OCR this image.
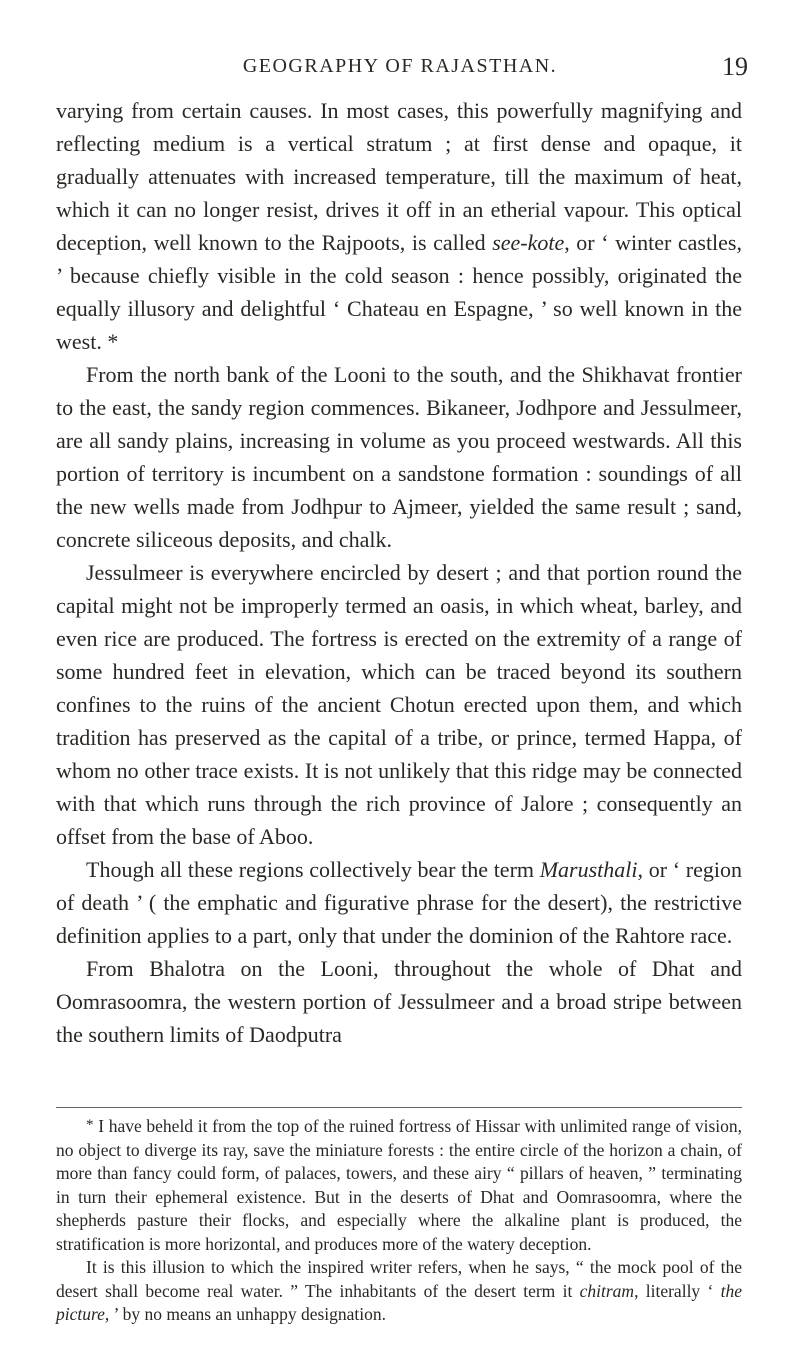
GEOGRAPHY OF RAJASTHAN.	19

varying from certain causes. In most cases, this powerfully magnifying and reflecting medium is a vertical stratum ; at first dense and opaque, it gradually attenuates with increased temperature, till the maximum of heat, which it can no longer resist, drives it off in an etherial vapour. This optical deception, well known to the Rajpoots, is called see-kote, or ‘ winter castles, ’ because chiefly visible in the cold season : hence possibly, originated the equally illusory and delightful ‘ Chateau en Espagne, ’ so well known in the west. *

From the north bank of the Looni to the south, and the Shikhavat frontier to the east, the sandy region commences. Bikaneer, Jodhpore and Jessulmeer, are all sandy plains, increasing in volume as you proceed westwards. All this portion of territory is incumbent on a sandstone formation : soundings of all the new wells made from Jodhpur to Ajmeer, yielded the same result ; sand, concrete siliceous deposits, and chalk.

Jessulmeer is everywhere encircled by desert ; and that portion round the capital might not be improperly termed an oasis, in which wheat, barley, and even rice are produced. The fortress is erected on the extremity of a range of some hundred feet in elevation, which can be traced beyond its southern confines to the ruins of the ancient Chotun erected upon them, and which tradition has preserved as the capital of a tribe, or prince, termed Happa, of whom no other trace exists. It is not unlikely that this ridge may be connected with that which runs through the rich province of Jalore ; consequently an offset from the base of Aboo.

Though all these regions collectively bear the term Marusthali, or ‘ region of death ’ ( the emphatic and figurative phrase for the desert), the restrictive definition applies to a part, only that under the dominion of the Rahtore race.

From Bhalotra on the Looni, throughout the whole of Dhat and Oomrasoomra, the western portion of Jessulmeer and a broad stripe between the southern limits of Daodputra

* I have beheld it from the top of the ruined fortress of Hissar with unlimited range of vision, no object to diverge its ray, save the miniature forests : the entire circle of the horizon a chain, of more than fancy could form, of palaces, towers, and these airy “ pillars of heaven, ” terminating in turn their ephemeral existence. But in the deserts of Dhat and Oomrasoomra, where the shepherds pasture their flocks, and especially where the alkaline plant is produced, the stratification is more horizontal, and produces more of the watery deception.

It is this illusion to which the inspired writer refers, when he says, “ the mock pool of the desert shall become real water. ” The inhabitants of the desert term it chitram, literally ‘ the picture, ’ by no means an unhappy designation.
